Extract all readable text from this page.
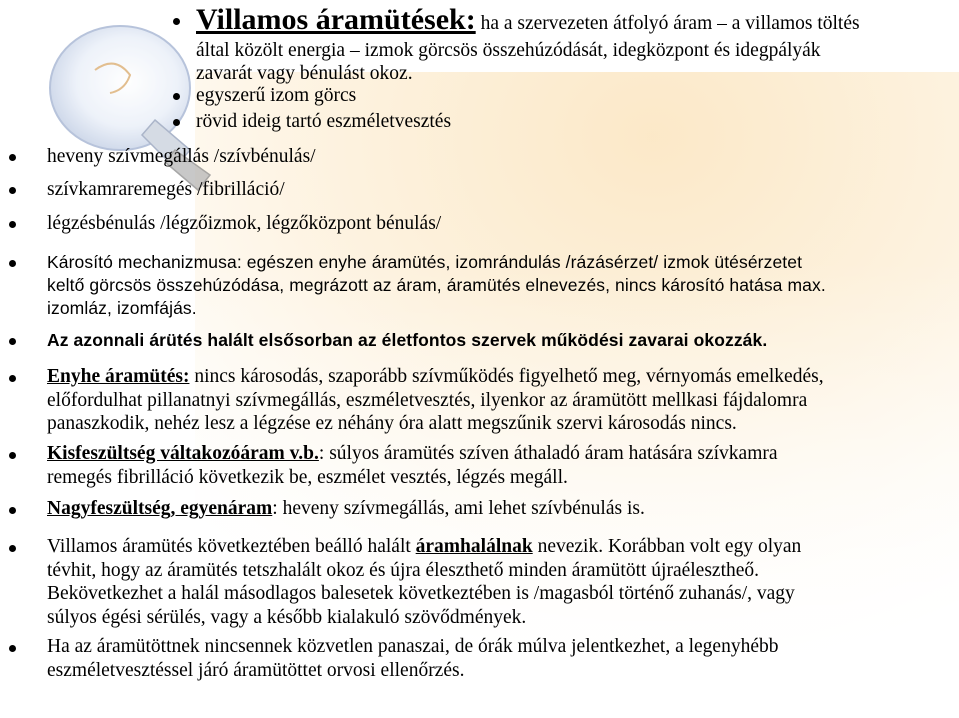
Villamos áramütések: ha a szervezeten átfolyó áram – a villamos töltés
által közölt energia – izmok görcsös összehúzódását, idegközpont és idegpályák
zavarát vagy bénulást okoz.
egyszerű izom görcs
rövid ideig tartó eszméletvesztés
heveny szívmegállás /szívbénulás/
szívkamraremegés /fibrilláció/
légzésbénulás /légzőizmok, légzőközpont bénulás/
Károsító mechanizmusa: egészen enyhe áramütés, izomrándulás /rázásérzet/ izmok ütésérzetet
keltő görcsös összehúzódása, megrázott az áram, áramütés elnevezés, nincs károsító hatása max.
izomláz, izomfájás.
Az azonnali árütés halált elsősorban az életfontos szervek működési zavarai okozzák.
Enyhe áramütés: nincs károsodás, szaporább szívműködés figyelhető meg, vérnyomás emelkedés,
előfordulhat pillanatnyi szívmegállás, eszméletvesztés, ilyenkor az áramütött mellkasi fájdalomra
panaszkodik, nehéz lesz a légzése ez néhány óra alatt megszűnik szervi károsodás nincs.
Kisfeszültség váltakozóáram v.b.: súlyos áramütés szíven áthaladó áram hatására szívkamra
remegés fibrilláció következik be, eszmélet vesztés, légzés megáll.
Nagyfeszültség, egyenáram: heveny szívmegállás, ami lehet szívbénulás is.
Villamos áramütés következtében beálló halált áramhalálnak nevezik. Korábban volt egy olyan
tévhit, hogy az áramütés tetszhalált okoz és újra éleszthető minden áramütött újraélesztheő.
Bekövetkezhet a halál másodlagos balesetek következtében is /magasból történő zuhanás/, vagy
súlyos égési sérülés, vagy a később kialakuló szövődmények.
Ha az áramütöttnek nincsennek közvetlen panaszai, de órák múlva jelentkezhet, a legenyhébb
eszméletvesztéssel járó áramütöttet orvosi ellenőrzés.
